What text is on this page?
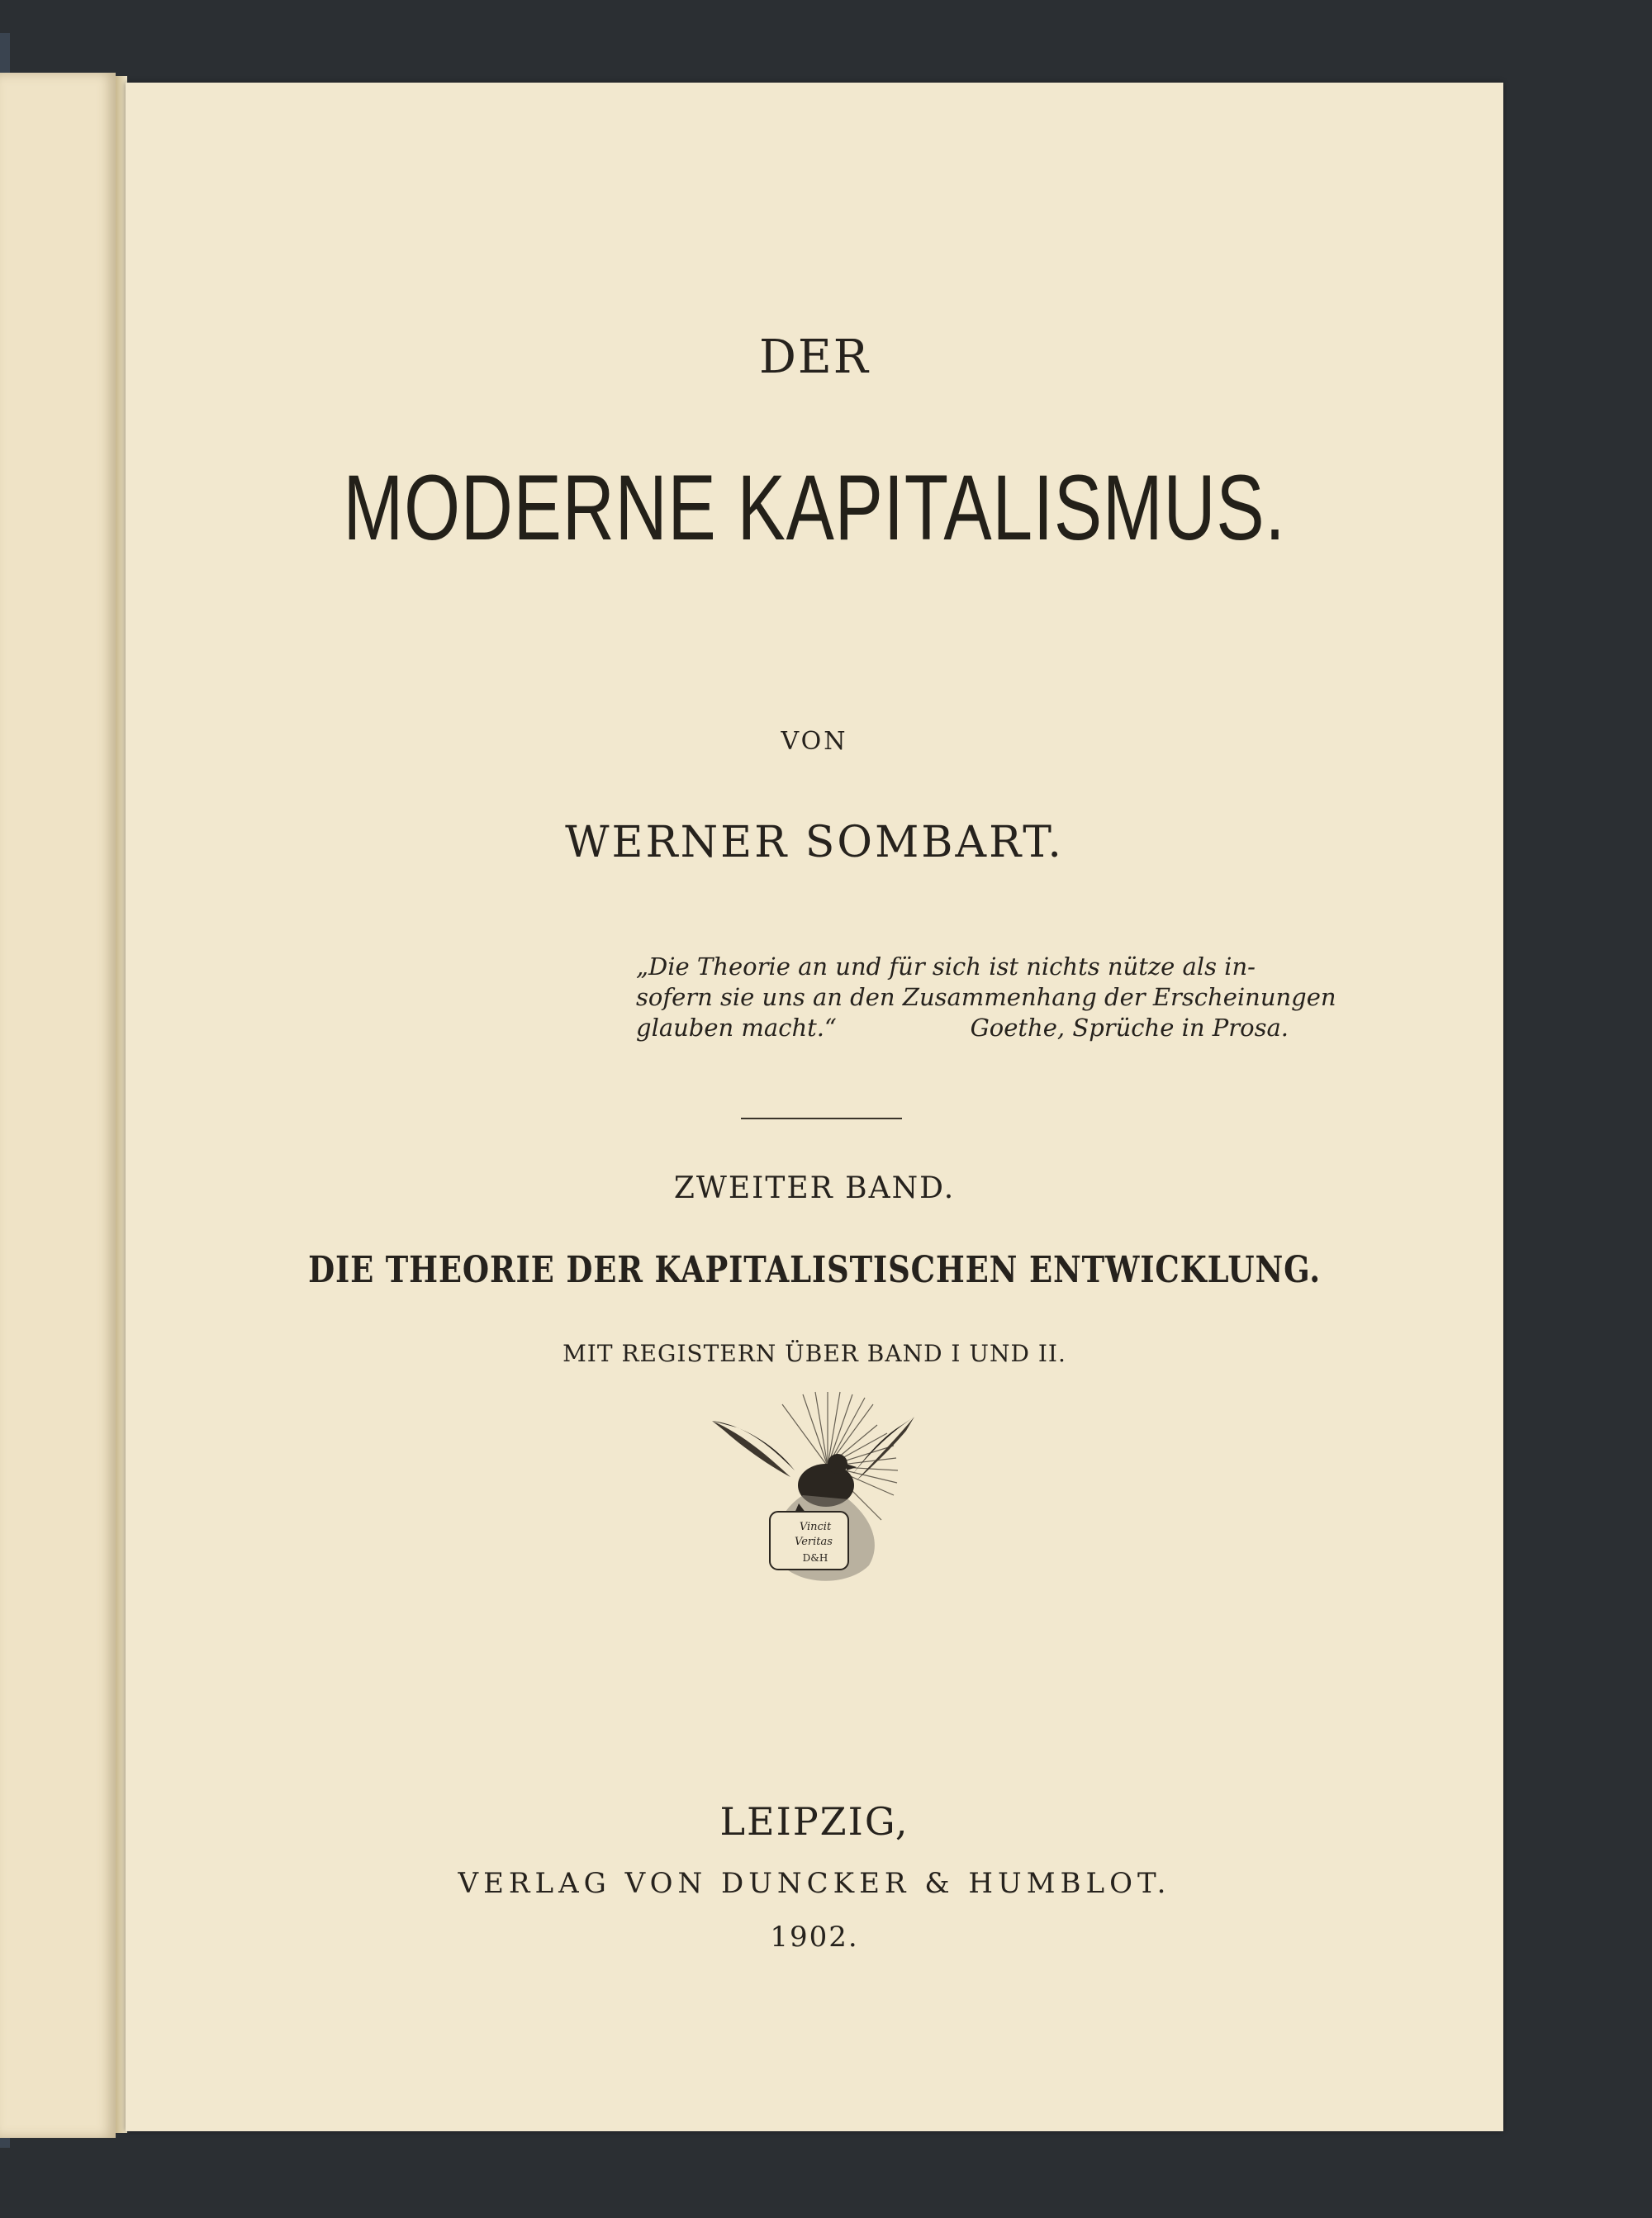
DER
MODERNE KAPITALISMUS.
VON
WERNER SOMBART.
„Die Theorie an und für sich ist nichts nütze als in-
sofern sie uns an den Zusammenhang der Erscheinungen
glauben macht.“	Goethe, Sprüche in Prosa.
ZWEITER BAND.
DIE THEORIE DER KAPITALISTISCHEN ENTWICKLUNG.
MIT REGISTERN ÜBER BAND I UND II.
Vincit
Veritas
D&H
LEIPZIG,
VERLAG VON DUNCKER & HUMBLOT.
1902.
